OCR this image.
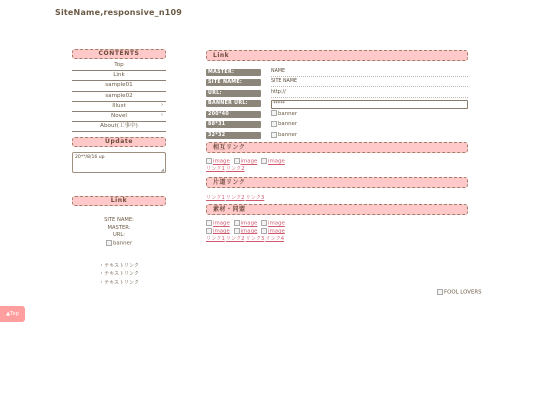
SiteName,responsive_n109
CONTENTS
Top
Link
sample01
sample02
Illust	›
Novel	›
About(工事中)
Update
20**/8/16 up
◢
Link
SITE NAME:
MASTER:
URL:
banner
・テキストリンク
・テキストリンク
・テキストリンク
Link
MASTER:	NAME
SITE NAME:	SITE NAME
URL:	http://
BANNER URL:	*****
200*40	banner
88*31	banner
32*32	banner
相互リンク
image image image
リンク1リンク2
片道リンク
リンク1リンク2リンク3
素材・同盟
image image image
image image image
リンク1リンク2リンク3リンク4
FOOL LOVERS
▲Top
